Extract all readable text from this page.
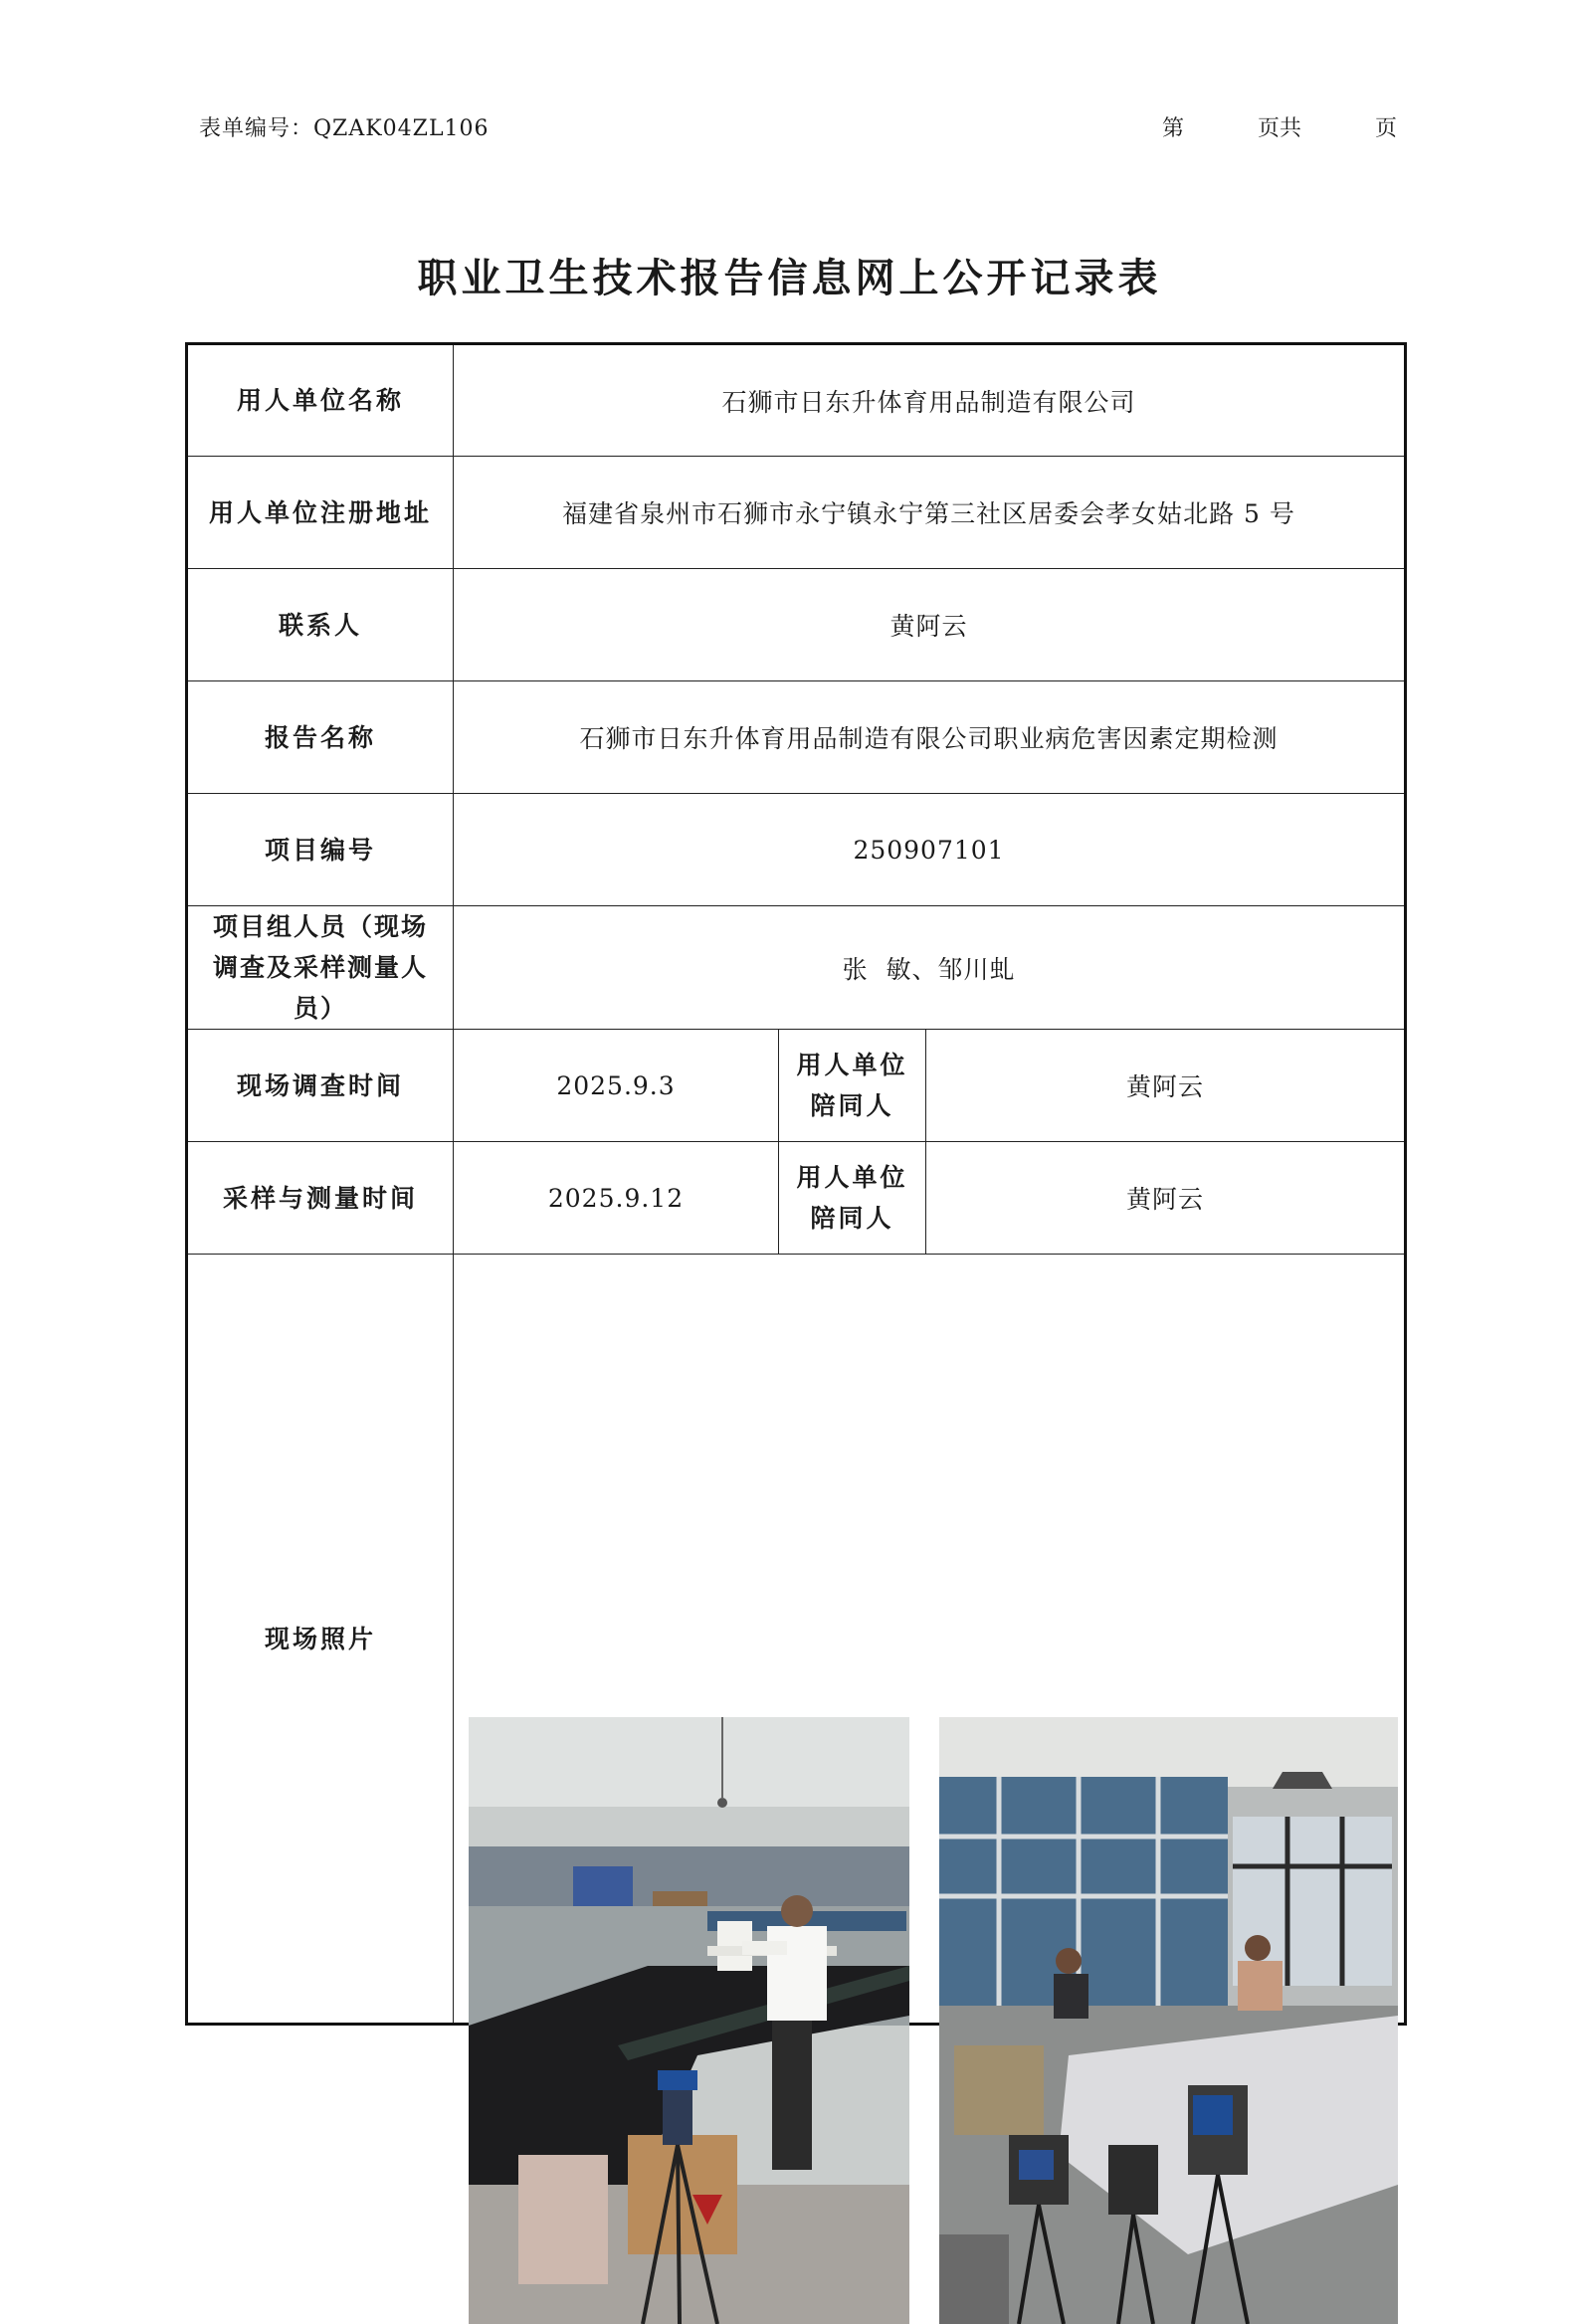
表单编号：QZAK04ZL106	第  页共  页
职业卫生技术报告信息网上公开记录表
用人单位名称	石狮市日东升体育用品制造有限公司		
用人单位注册地址	福建省泉州市石狮市永宁镇永宁第三社区居委会孝女姑北路 5 号		
联系人	黄阿云		
报告名称	石狮市日东升体育用品制造有限公司职业病危害因素定期检测		
项目编号	250907101		
项目组人员（现场调查及采样测量人员）	张  敏、邹川虬		
现场调查时间	2025.9.3	用人单位陪同人	黄阿云
采样与测量时间	2025.9.12	用人单位陪同人	黄阿云
现场照片	
